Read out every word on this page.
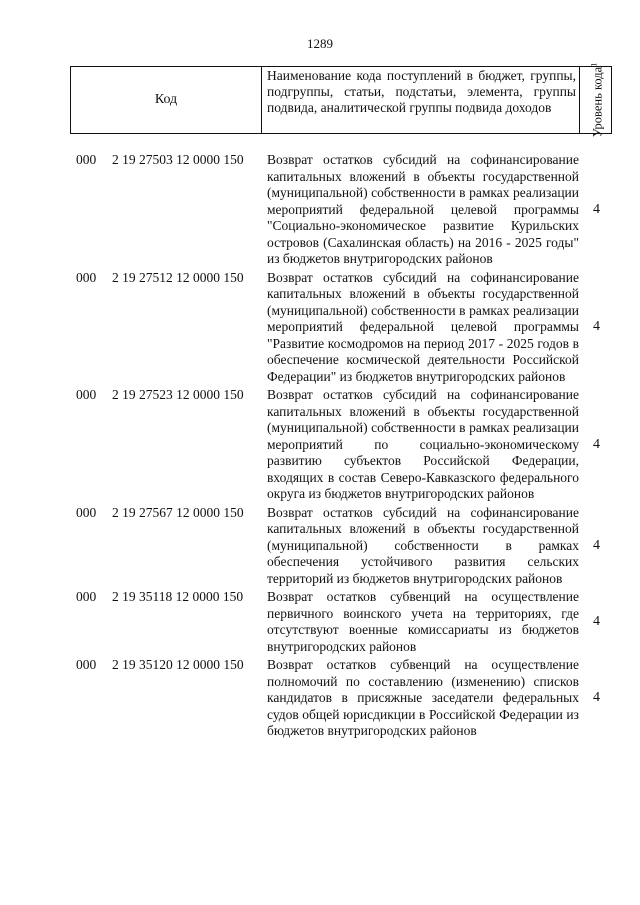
1289
Код
Наименование кода поступлений в бюджет, группы, подгруппы, статьи, подстатьи, элемента, группы подвида, аналитической группы подвида доходов	Уровень кода$^1$
000 2 19 27503 12 0000 150 Возврат остатков субсидий на софинансирование капитальных вложений в объекты государственной (муниципальной) собственности в рамках реализации мероприятий федеральной целевой программы "Социально-экономическое развитие Курильских островов (Сахалинская область) на 2016 - 2025 годы" из бюджетов внутригородских районов
4
000 2 19 27512 12 0000 150 Возврат остатков субсидий на софинансирование капитальных вложений в объекты государственной (муниципальной) собственности в рамках реализации мероприятий федеральной целевой программы "Развитие космодромов на период 2017 - 2025 годов в обеспечение космической деятельности Российской Федерации" из бюджетов внутригородских районов
4
000 2 19 27523 12 0000 150 Возврат остатков субсидий на софинансирование капитальных вложений в объекты государственной (муниципальной) собственности в рамках реализации мероприятий по социально-экономическому развитию субъектов Российской Федерации, входящих в состав Северо-Кавказского федерального округа из бюджетов внутригородских районов
4
000 2 19 27567 12 0000 150 Возврат остатков субсидий на софинансирование капитальных вложений в объекты государственной (муниципальной) собственности в рамках обеспечения устойчивого развития сельских территорий из бюджетов внутригородских районов
4
000 2 19 35118 12 0000 150 Возврат остатков субвенций на осуществление первичного воинского учета на территориях, где отсутствуют военные комиссариаты из бюджетов внутригородских районов
4
000 2 19 35120 12 0000 150 Возврат остатков субвенций на осуществление полномочий по составлению (изменению) списков кандидатов в присяжные заседатели федеральных судов общей юрисдикции в Российской Федерации из бюджетов внутригородских районов
4
